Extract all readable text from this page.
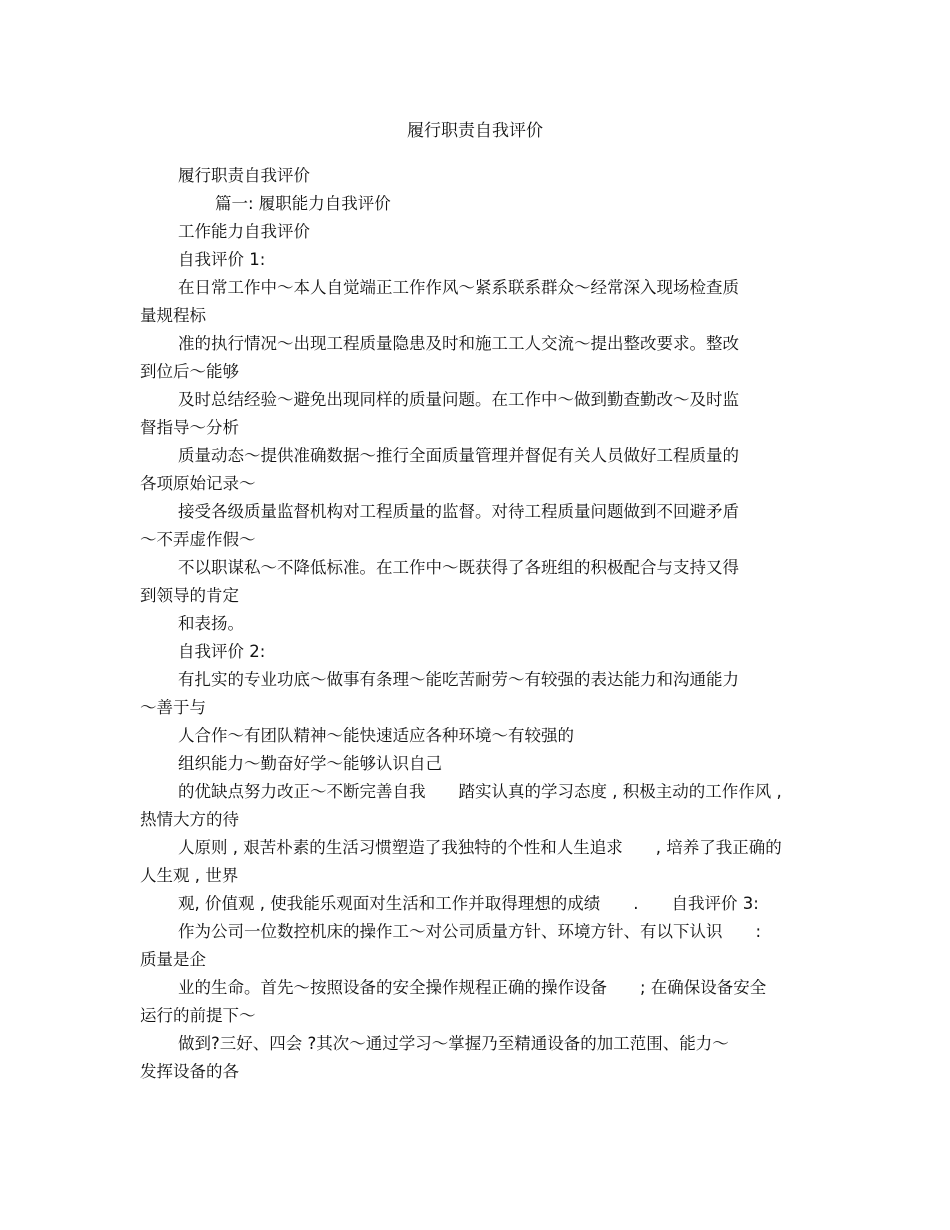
履行职责自我评价
履行职责自我评价
篇一: 履职能力自我评价
工作能力自我评价
自我评价 1:
在日常工作中～本人自觉端正工作作风～紧系联系群众～经常深入现场检查质
量规程标
准的执行情况～出现工程质量隐患及时和施工工人交流～提出整改要求。整改
到位后～能够
及时总结经验～避免出现同样的质量问题。在工作中～做到勤查勤改～及时监
督指导～分析
质量动态～提供准确数据～推行全面质量管理并督促有关人员做好工程质量的
各项原始记录～
接受各级质量监督机构对工程质量的监督。对待工程质量问题做到不回避矛盾
～不弄虚作假～
不以职谋私～不降低标准。在工作中～既获得了各班组的积极配合与支持又得
到领导的肯定
和表扬。
自我评价 2:
有扎实的专业功底～做事有条理～能吃苦耐劳～有较强的表达能力和沟通能力
～善于与
人合作～有团队精神～能快速适应各种环境～有较强的
组织能力～勤奋好学～能够认识自己
的优缺点努力改正～不断完善自我　　踏实认真的学习态度 , 积极主动的工作作风 ,
热情大方的待
人原则 , 艰苦朴素的生活习惯塑造了我独特的个性和人生追求　　, 培养了我正确的
人生观 , 世界
观, 价值观 , 使我能乐观面对生活和工作并取得理想的成绩　　.　　自我评价 3:
作为公司一位数控机床的操作工～对公司质量方针、环境方针、有以下认识　　:
质量是企
业的生命。首先～按照设备的安全操作规程正确的操作设备　　; 在确保设备安全
运行的前提下～
做到?三好、四会 ?其次～通过学习～掌握乃至精通设备的加工范围、能力～
发挥设备的各
